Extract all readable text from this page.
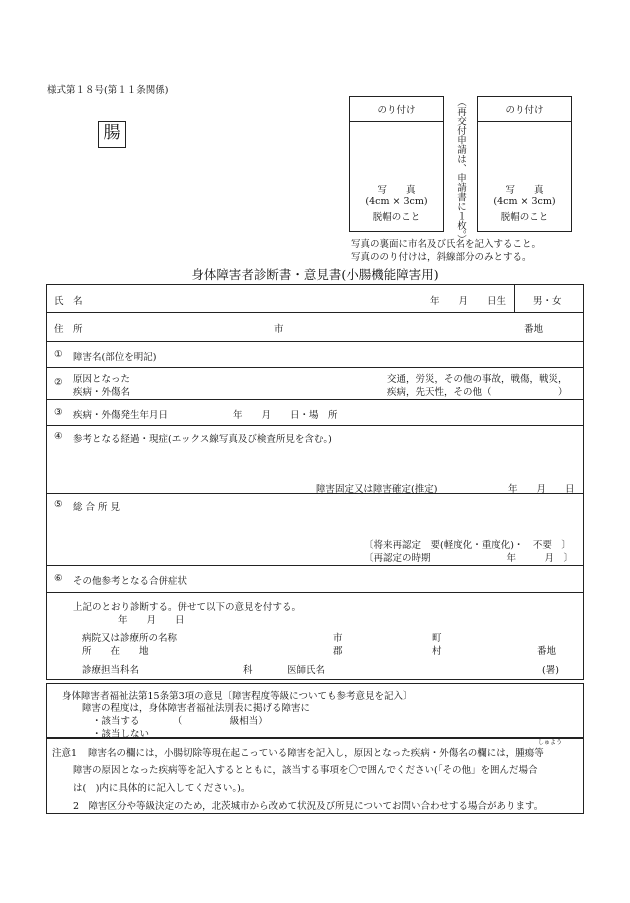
様式第１８号(第１１条関係)
腸
のり付け
写　　真
(4cm × 3cm)
脱帽のこと	（再交付申請は、申請書に１枚。）	のり付け
写　　真
(4cm × 3cm)
脱帽のこと
写真の裏面に市名及び氏名を記入すること。
写真ののり付けは，斜線部分のみとする。
身体障害者診断書・意見書(小腸機能障害用)
氏　名	年　　月　　日生	男・女
住　所	市	番地
① 障害名(部位を明記)
② 原因となった
疾病・外傷名
交通，労災，その他の事故，戦傷，戦災，
疾病，先天性，その他（　　　　　　　）
③ 疾病・外傷発生年月日	年　　月　　日・場　所
④ 参考となる経過・現症(エックス線写真及び検査所見を含む。)
障害固定又は障害確定(推定)	年　　月　　日
⑤ 総 合 所 見
〔将来再認定　要(軽度化・重度化)・　不要　〕
〔再認定の時期　　　　　　　　年　　　月　〕
⑥ その他参考となる合併症状
上記のとおり診断する。併せて以下の意見を付する。
年　　月　　日
病院又は診療所の名称	市	町
所　　在　　地	郡	村	番地
診療担当科名	科	医師氏名	(署)
身体障害者福祉法第15条第3項の意見〔障害程度等級についても参考意見を記入〕
障害の程度は，身体障害者福祉法別表に掲げる障害に
・該当する　　　　（　　　　　級相当）
・該当しない
しゅよう
注意1 障害名の欄には，小腸切除等現在起こっている障害を記入し，原因となった疾病・外傷名の欄には，腫瘍等
障害の原因となった疾病等を記入するとともに，該当する事項を〇で囲んでください(「その他」を囲んだ場合
は(　)内に具体的に記入してください。)。
2　障害区分や等級決定のため，北茨城市から改めて状況及び所見についてお問い合わせする場合があります。
